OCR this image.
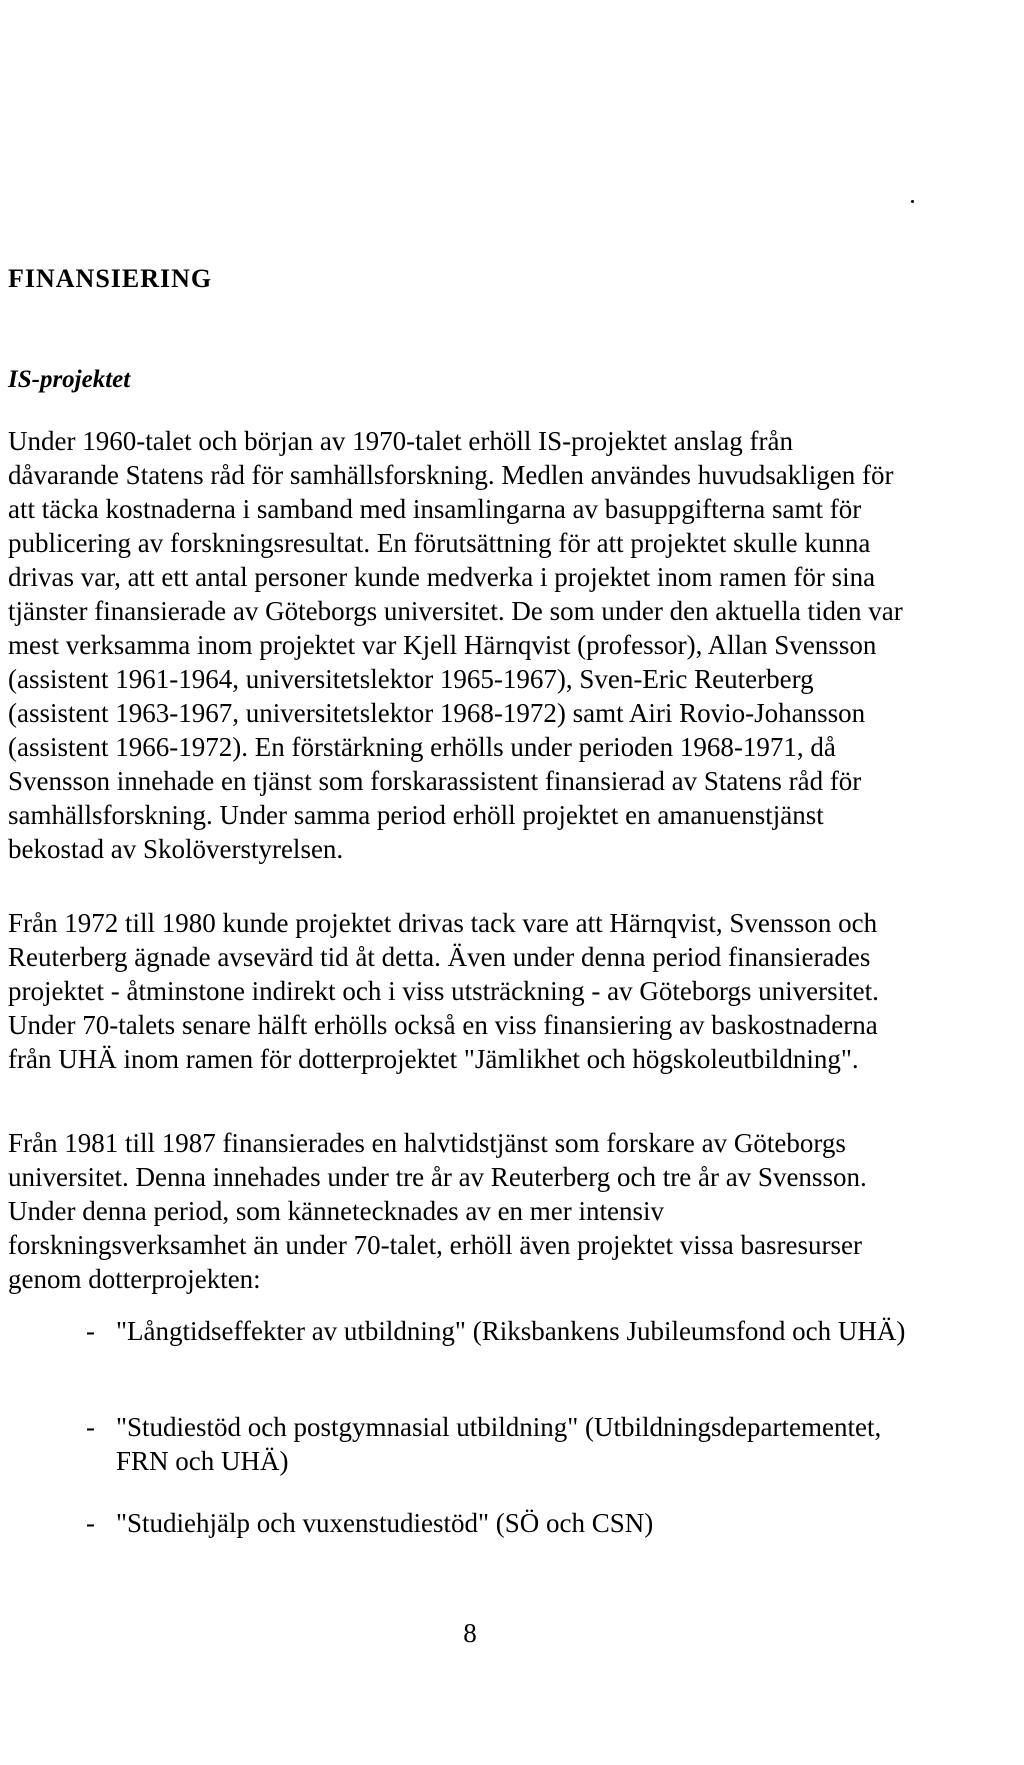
FINANSIERING
IS-projektet

Under 1960-talet och början av 1970-talet erhöll IS-projektet anslag från dåvarande Statens råd för samhällsforskning. Medlen användes huvudsakligen för att täcka kostnaderna i samband med insamlingarna av basuppgifterna samt för publicering av forskningsresultat. En förutsättning för att projektet skulle kunna drivas var, att ett antal personer kunde medverka i projektet inom ramen för sina tjänster finansierade av Göteborgs universitet. De som under den aktuella tiden var mest verksamma inom projektet var Kjell Härnqvist (professor), Allan Svensson (assistent 1961-1964, universitetslektor 1965-1967), Sven-Eric Reuterberg (assistent 1963-1967, universitetslektor 1968-1972) samt Airi Rovio-Johansson (assistent 1966-1972). En förstärkning erhölls under perioden 1968-1971, då Svensson innehade en tjänst som forskarassistent finansierad av Statens råd för samhällsforskning. Under samma period erhöll projektet en amanuenstjänst bekostad av Skolöverstyrelsen.

Från 1972 till 1980 kunde projektet drivas tack vare att Härnqvist, Svensson och Reuterberg ägnade avsevärd tid åt detta. Även under denna period finansierades projektet - åtminstone indirekt och i viss utsträckning - av Göteborgs universitet. Under 70-talets senare hälft erhölls också en viss finansiering av baskostnaderna från UHÄ inom ramen för dotterprojektet "Jämlikhet och högskoleutbildning".

Från 1981 till 1987 finansierades en halvtidstjänst som forskare av Göteborgs universitet. Denna innehades under tre år av Reuterberg och tre år av Svensson. Under denna period, som kännetecknades av en mer intensiv forskningsverksamhet än under 70-talet, erhöll även projektet vissa basresurser genom dotterprojekten:

- "Långtidseffekter av utbildning" (Riksbankens Jubileumsfond och UHÄ)
- "Studiestöd och postgymnasial utbildning" (Utbildningsdepartementet, FRN och UHÄ)
- "Studiehjälp och vuxenstudiestöd" (SÖ och CSN)

8
